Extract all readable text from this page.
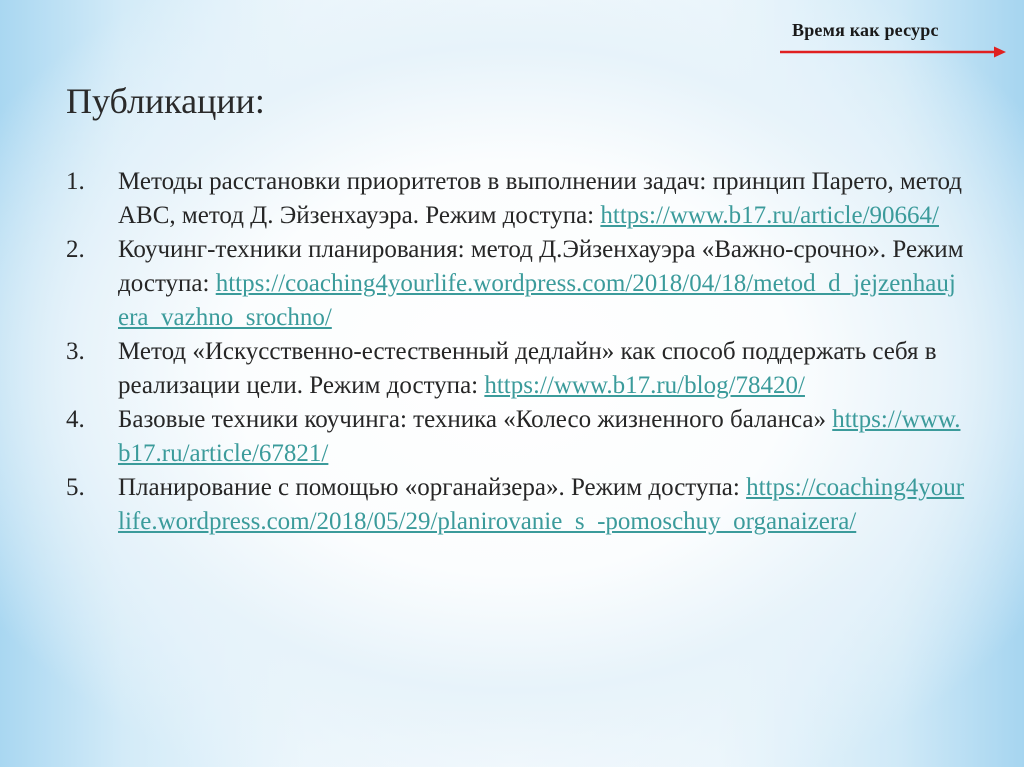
Время как ресурс
Публикации:
1. Методы расстановки приоритетов в выполнении задач: принцип Парето, метод АВС, метод Д. Эйзенхауэра. Режим доступа: https://www.b17.ru/article/90664/
2. Коучинг-техники планирования: метод Д.Эйзенхауэра «Важно-срочно». Режим доступа: https://coaching4yourlife.wordpress.com/2018/04/18/metod_d_jejzenhaujera_vazhno_srochno/
3. Метод «Искусственно-естественный дедлайн» как способ поддержать себя в реализации цели. Режим доступа: https://www.b17.ru/blog/78420/
4. Базовые техники коучинга: техника «Колесо жизненного баланса» https://www.b17.ru/article/67821/
5. Планирование с помощью «органайзера». Режим доступа: https://coaching4yourlife.wordpress.com/2018/05/29/planirovanie_s_-pomoschuy_organaizera/
